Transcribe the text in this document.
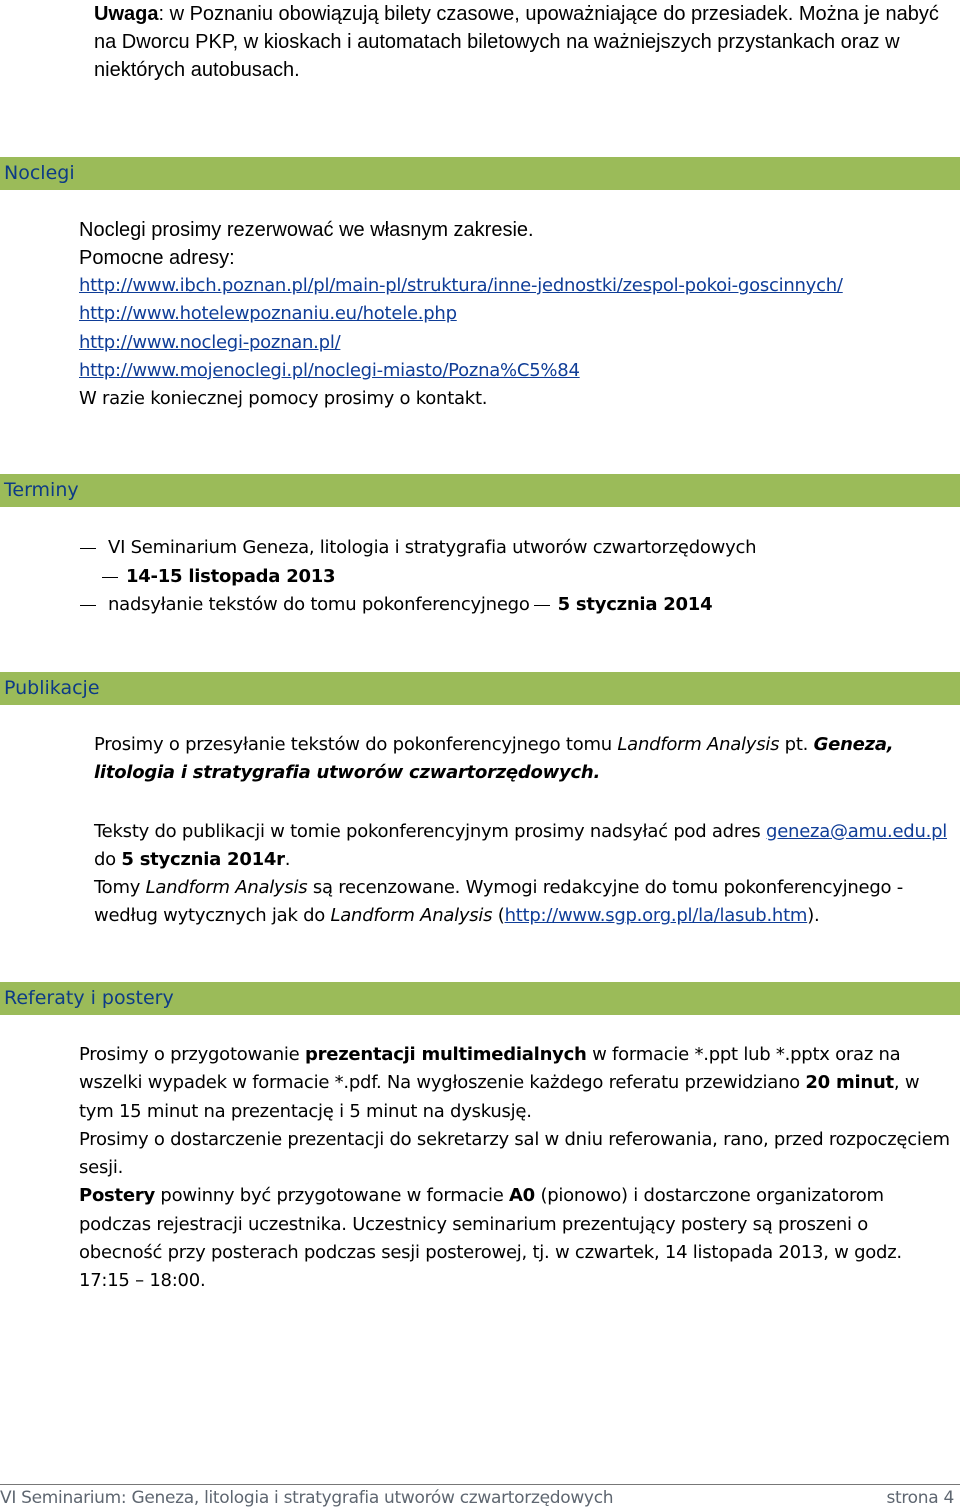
Uwaga: w Poznaniu obowiązują bilety czasowe, upoważniające do przesiadek. Można je nabyć na Dworcu PKP, w kioskach i automatach biletowych na ważniejszych przystankach oraz w niektórych autobusach.
Noclegi
Noclegi prosimy rezerwować we własnym zakresie.
Pomocne adresy:
http://www.ibch.poznan.pl/pl/main-pl/struktura/inne-jednostki/zespol-pokoi-goscinnych/
http://www.hotelewpoznaniu.eu/hotele.php
http://www.noclegi-poznan.pl/
http://www.mojenoclegi.pl/noclegi-miasto/Pozna%C5%84
W razie koniecznej pomocy prosimy o kontakt.
Terminy
VI Seminarium Geneza, litologia i stratygrafia utworów czwartorzędowych
14-15 listopada 2013
nadsyłanie tekstów do tomu pokonferencyjnego 5 stycznia 2014
Publikacje

Prosimy o przesyłanie tekstów do pokonferencyjnego tomu Landform Analysis pt. Geneza, litologia i stratygrafia utworów czwartorzędowych.

Teksty do publikacji w tomie pokonferencyjnym prosimy nadsyłać pod adres geneza@amu.edu.pl do 5 stycznia 2014r.

Tomy Landform Analysis są recenzowane. Wymogi redakcyjne do tomu pokonferencyjnego - według wytycznych jak do Landform Analysis (http://www.sgp.org.pl/la/lasub.htm).

Referaty i postery

Prosimy o przygotowanie prezentacji multimedialnych w formacie *.ppt lub *.pptx oraz na wszelki wypadek w formacie *.pdf. Na wygłoszenie każdego referatu przewidziano 20 minut, w tym 15 minut na prezentację i 5 minut na dyskusję.

Prosimy o dostarczenie prezentacji do sekretarzy sal w dniu referowania, rano, przed rozpoczęciem sesji.

Postery powinny być przygotowane w formacie A0 (pionowo) i dostarczone organizatorom podczas rejestracji uczestnika. Uczestnicy seminarium prezentujący postery są proszeni o obecność przy posterach podczas sesji posterowej, tj. w czwartek, 14 listopada 2013, w godz. 17:15 – 18:00.

VI Seminarium: Geneza, litologia i stratygrafia utworów czwartorzędowych	strona 4
